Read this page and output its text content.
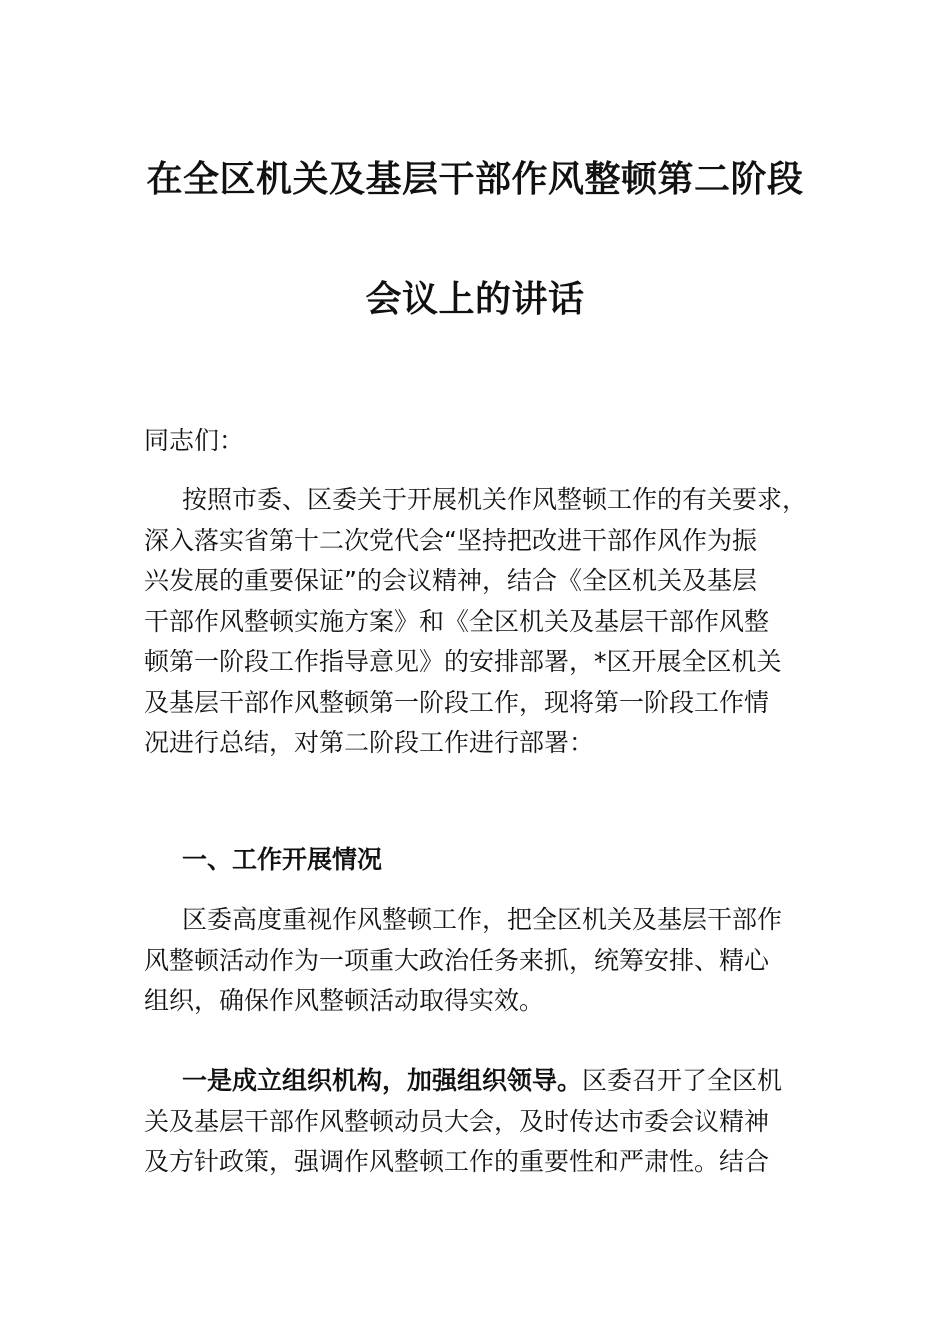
在全区机关及基层干部作风整顿第二阶段
会议上的讲话
同志们：
按照市委、区委关于开展机关作风整顿工作的有关要求，
深入落实省第十二次党代会“坚持把改进干部作风作为振
兴发展的重要保证”的会议精神，结合《全区机关及基层
干部作风整顿实施方案》和《全区机关及基层干部作风整
顿第一阶段工作指导意见》的安排部署，*区开展全区机关
及基层干部作风整顿第一阶段工作，现将第一阶段工作情
况进行总结，对第二阶段工作进行部署：
一、工作开展情况
区委高度重视作风整顿工作，把全区机关及基层干部作
风整顿活动作为一项重大政治任务来抓，统筹安排、精心
组织，确保作风整顿活动取得实效。
一是成立组织机构，加强组织领导。区委召开了全区机
关及基层干部作风整顿动员大会，及时传达市委会议精神
及方针政策，强调作风整顿工作的重要性和严肃性。结合
